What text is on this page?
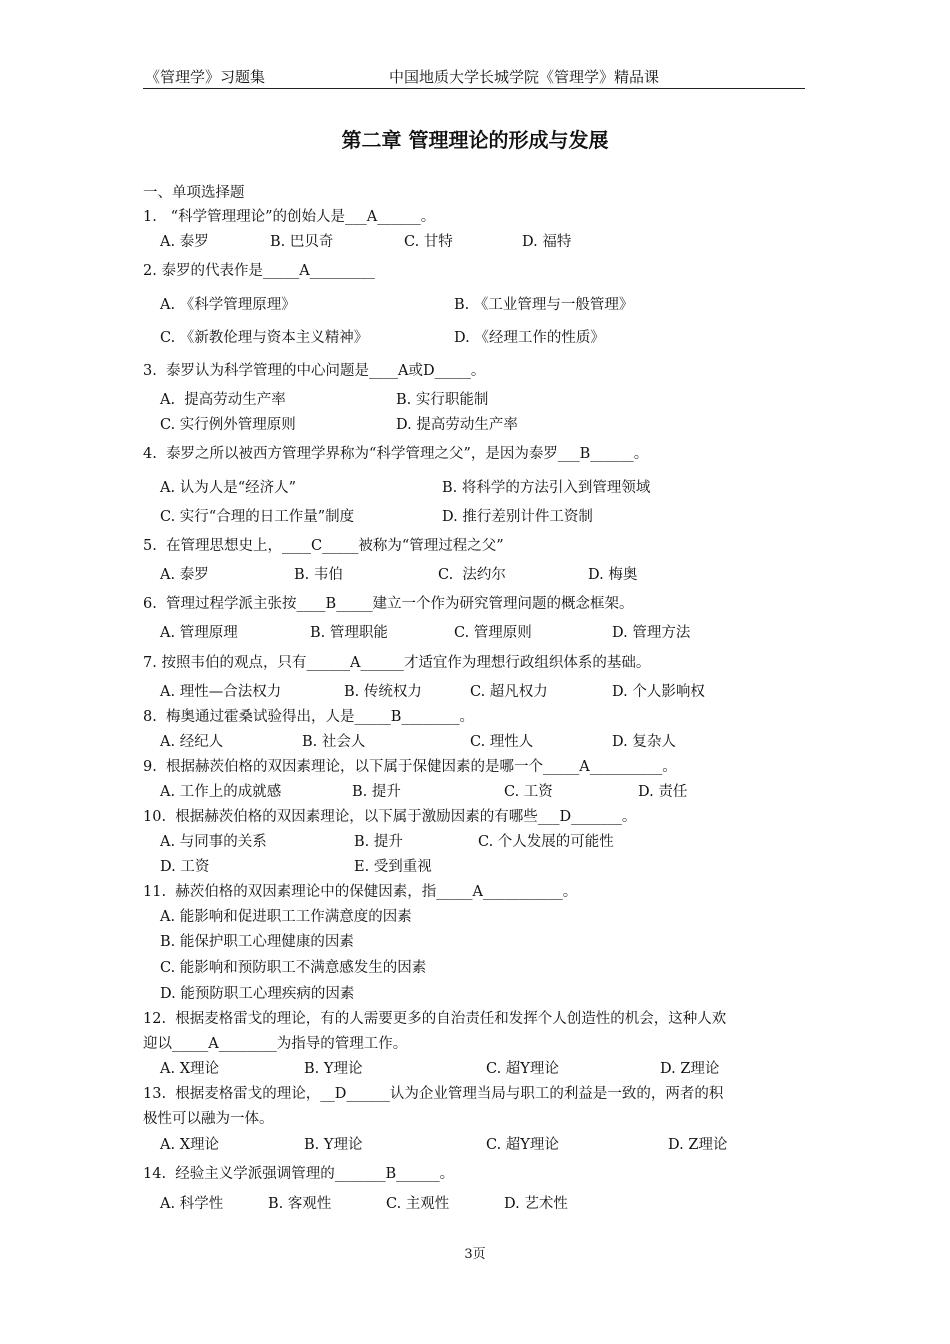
《管理学》习题集	中国地质大学长城学院《管理学》精品课
第二章 管理理论的形成与发展
一、单项选择题
1.   “科学管理理论”的创始人是___A______。
A. 泰罗	B. 巴贝奇	C. 甘特	D. 福特
2. 泰罗的代表作是_____A_________
A. 《科学管理原理》	B. 《工业管理与一般管理》
C. 《新教伦理与资本主义精神》	D. 《经理工作的性质》
3.  泰罗认为科学管理的中心问题是____A或D_____。
A.  提高劳动生产率	B. 实行职能制
C. 实行例外管理原则	D. 提高劳动生产率
4.  泰罗之所以被西方管理学界称为“科学管理之父”，是因为泰罗___B______。
A. 认为人是“经济人”	B. 将科学的方法引入到管理领域
C. 实行“合理的日工作量”制度	D. 推行差别计件工资制
5.  在管理思想史上，____C_____被称为“管理过程之父”
A. 泰罗	B. 韦伯	C.  法约尔	D. 梅奥
6.  管理过程学派主张按____B_____建立一个作为研究管理问题的概念框架。
A. 管理原理	B. 管理职能	C. 管理原则	D. 管理方法
7. 按照韦伯的观点，只有______A______才适宜作为理想行政组织体系的基础。
A. 理性—合法权力	B. 传统权力	C. 超凡权力	D. 个人影响权
8.  梅奥通过霍桑试验得出，人是_____B________。
A. 经纪人	B. 社会人	C. 理性人	D. 复杂人
9.  根据赫茨伯格的双因素理论，以下属于保健因素的是哪一个_____A__________。
A. 工作上的成就感	B. 提升	C. 工资	D. 责任
10.  根据赫茨伯格的双因素理论，以下属于激励因素的有哪些___D_______。
A. 与同事的关系	B. 提升	C. 个人发展的可能性
D. 工资	E. 受到重视
11.  赫茨伯格的双因素理论中的保健因素，指_____A___________。
A. 能影响和促进职工工作满意度的因素
B. 能保护职工心理健康的因素
C. 能影响和预防职工不满意感发生的因素
D. 能预防职工心理疾病的因素
12.  根据麦格雷戈的理论，有的人需要更多的自治责任和发挥个人创造性的机会，这种人欢
迎以_____A________为指导的管理工作。
A. X理论	B. Y理论	C. 超Y理论	D. Z理论
13.  根据麦格雷戈的理论，__D______认为企业管理当局与职工的利益是一致的，两者的积
极性可以融为一体。
A. X理论	B. Y理论	C. 超Y理论	D. Z理论
14.  经验主义学派强调管理的_______B______。
A. 科学性	B. 客观性	C. 主观性	D. 艺术性
3页
